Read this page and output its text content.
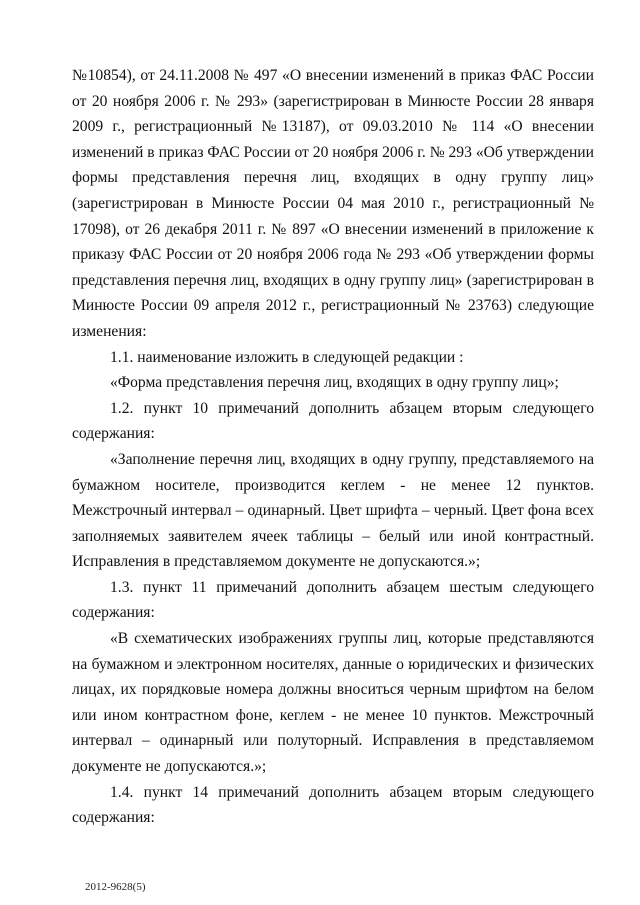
№10854), от 24.11.2008 № 497 «О внесении изменений в приказ ФАС России от 20 ноября 2006 г. № 293» (зарегистрирован в Минюсте России 28 января 2009 г., регистрационный №13187), от 09.03.2010 № 114 «О внесении изменений в приказ ФАС России от 20 ноября 2006 г. № 293 «Об утверждении формы представления перечня лиц, входящих в одну группу лиц» (зарегистрирован в Минюсте России 04 мая 2010 г., регистрационный № 17098), от 26 декабря 2011 г. № 897 «О внесении изменений в приложение к приказу ФАС России от 20 ноября 2006 года № 293 «Об утверждении формы представления перечня лиц, входящих в одну группу лиц» (зарегистрирован в Минюсте России 09 апреля 2012 г., регистрационный № 23763) следующие изменения:

1.1. наименование изложить в следующей редакции :

«Форма представления перечня лиц, входящих в одну группу лиц»;

1.2. пункт 10 примечаний дополнить абзацем вторым следующего содержания:

«Заполнение перечня лиц, входящих в одну группу, представляемого на бумажном носителе, производится кеглем - не менее 12 пунктов. Межстрочный интервал – одинарный. Цвет шрифта – черный. Цвет фона всех заполняемых заявителем ячеек таблицы – белый или иной контрастный. Исправления в представляемом документе не допускаются.»;

1.3. пункт 11 примечаний дополнить абзацем шестым следующего содержания:

«В схематических изображениях группы лиц, которые представляются на бумажном и электронном носителях, данные о юридических и физических лицах, их порядковые номера должны вноситься черным шрифтом на белом или ином контрастном фоне, кеглем - не менее 10 пунктов. Межстрочный интервал – одинарный или полуторный. Исправления в представляемом документе не допускаются.»;

1.4. пункт 14 примечаний дополнить абзацем вторым следующего содержания:

2012-9628(5)
